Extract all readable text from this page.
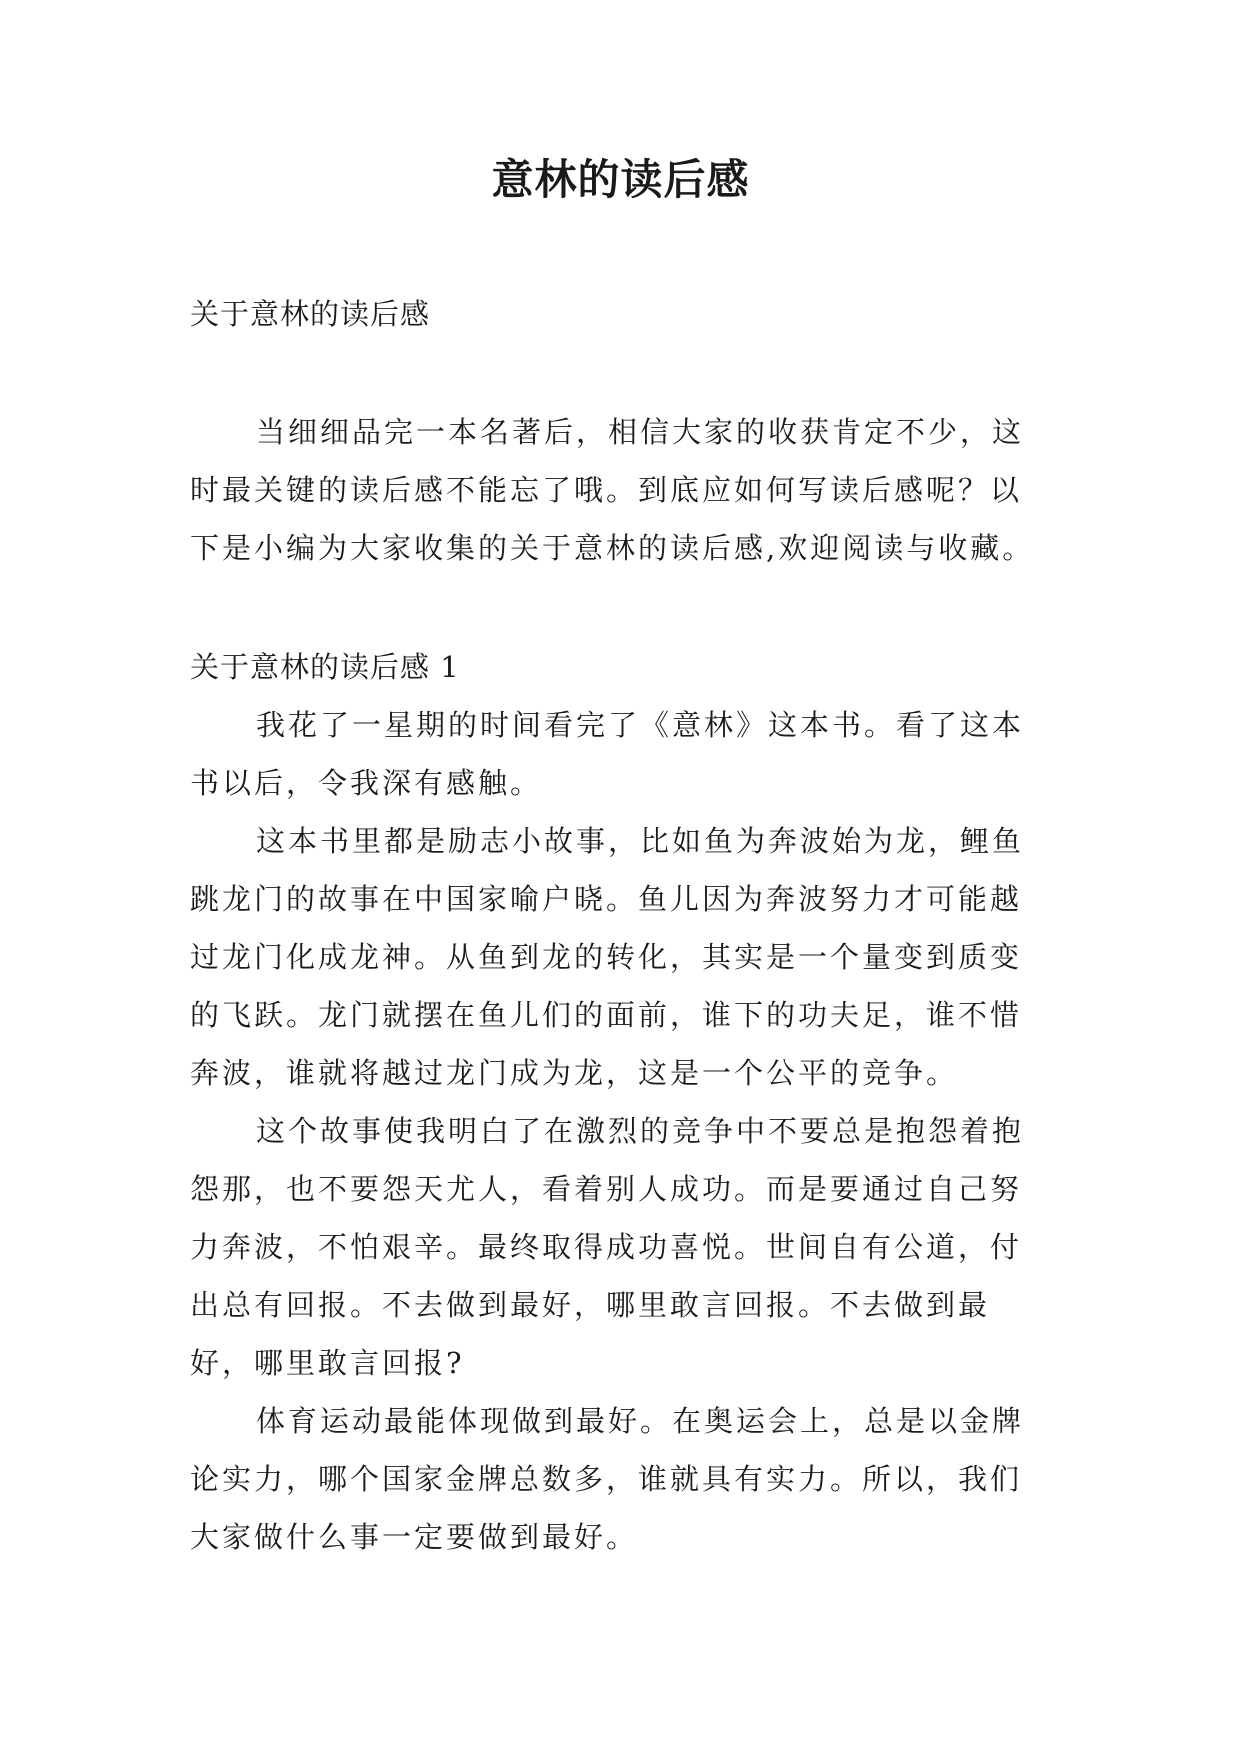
意林的读后感

关于意林的读后感

当细细品完一本名著后，相信大家的收获肯定不少，这时最关键的读后感不能忘了哦。到底应如何写读后感呢？以下是小编为大家收集的关于意林的读后感,欢迎阅读与收藏。

关于意林的读后感 1

我花了一星期的时间看完了《意林》这本书。看了这本书以后，令我深有感触。

这本书里都是励志小故事，比如鱼为奔波始为龙，鲤鱼跳龙门的故事在中国家喻户晓。鱼儿因为奔波努力才可能越过龙门化成龙神。从鱼到龙的转化，其实是一个量变到质变的飞跃。龙门就摆在鱼儿们的面前，谁下的功夫足，谁不惜奔波，谁就将越过龙门成为龙，这是一个公平的竞争。

这个故事使我明白了在激烈的竞争中不要总是抱怨着抱怨那，也不要怨天尤人，看着别人成功。而是要通过自己努力奔波，不怕艰辛。最终取得成功喜悦。世间自有公道，付出总有回报。不去做到最好，哪里敢言回报。不去做到最好，哪里敢言回报?

体育运动最能体现做到最好。在奥运会上，总是以金牌论实力，哪个国家金牌总数多，谁就具有实力。所以，我们大家做什么事一定要做到最好。
